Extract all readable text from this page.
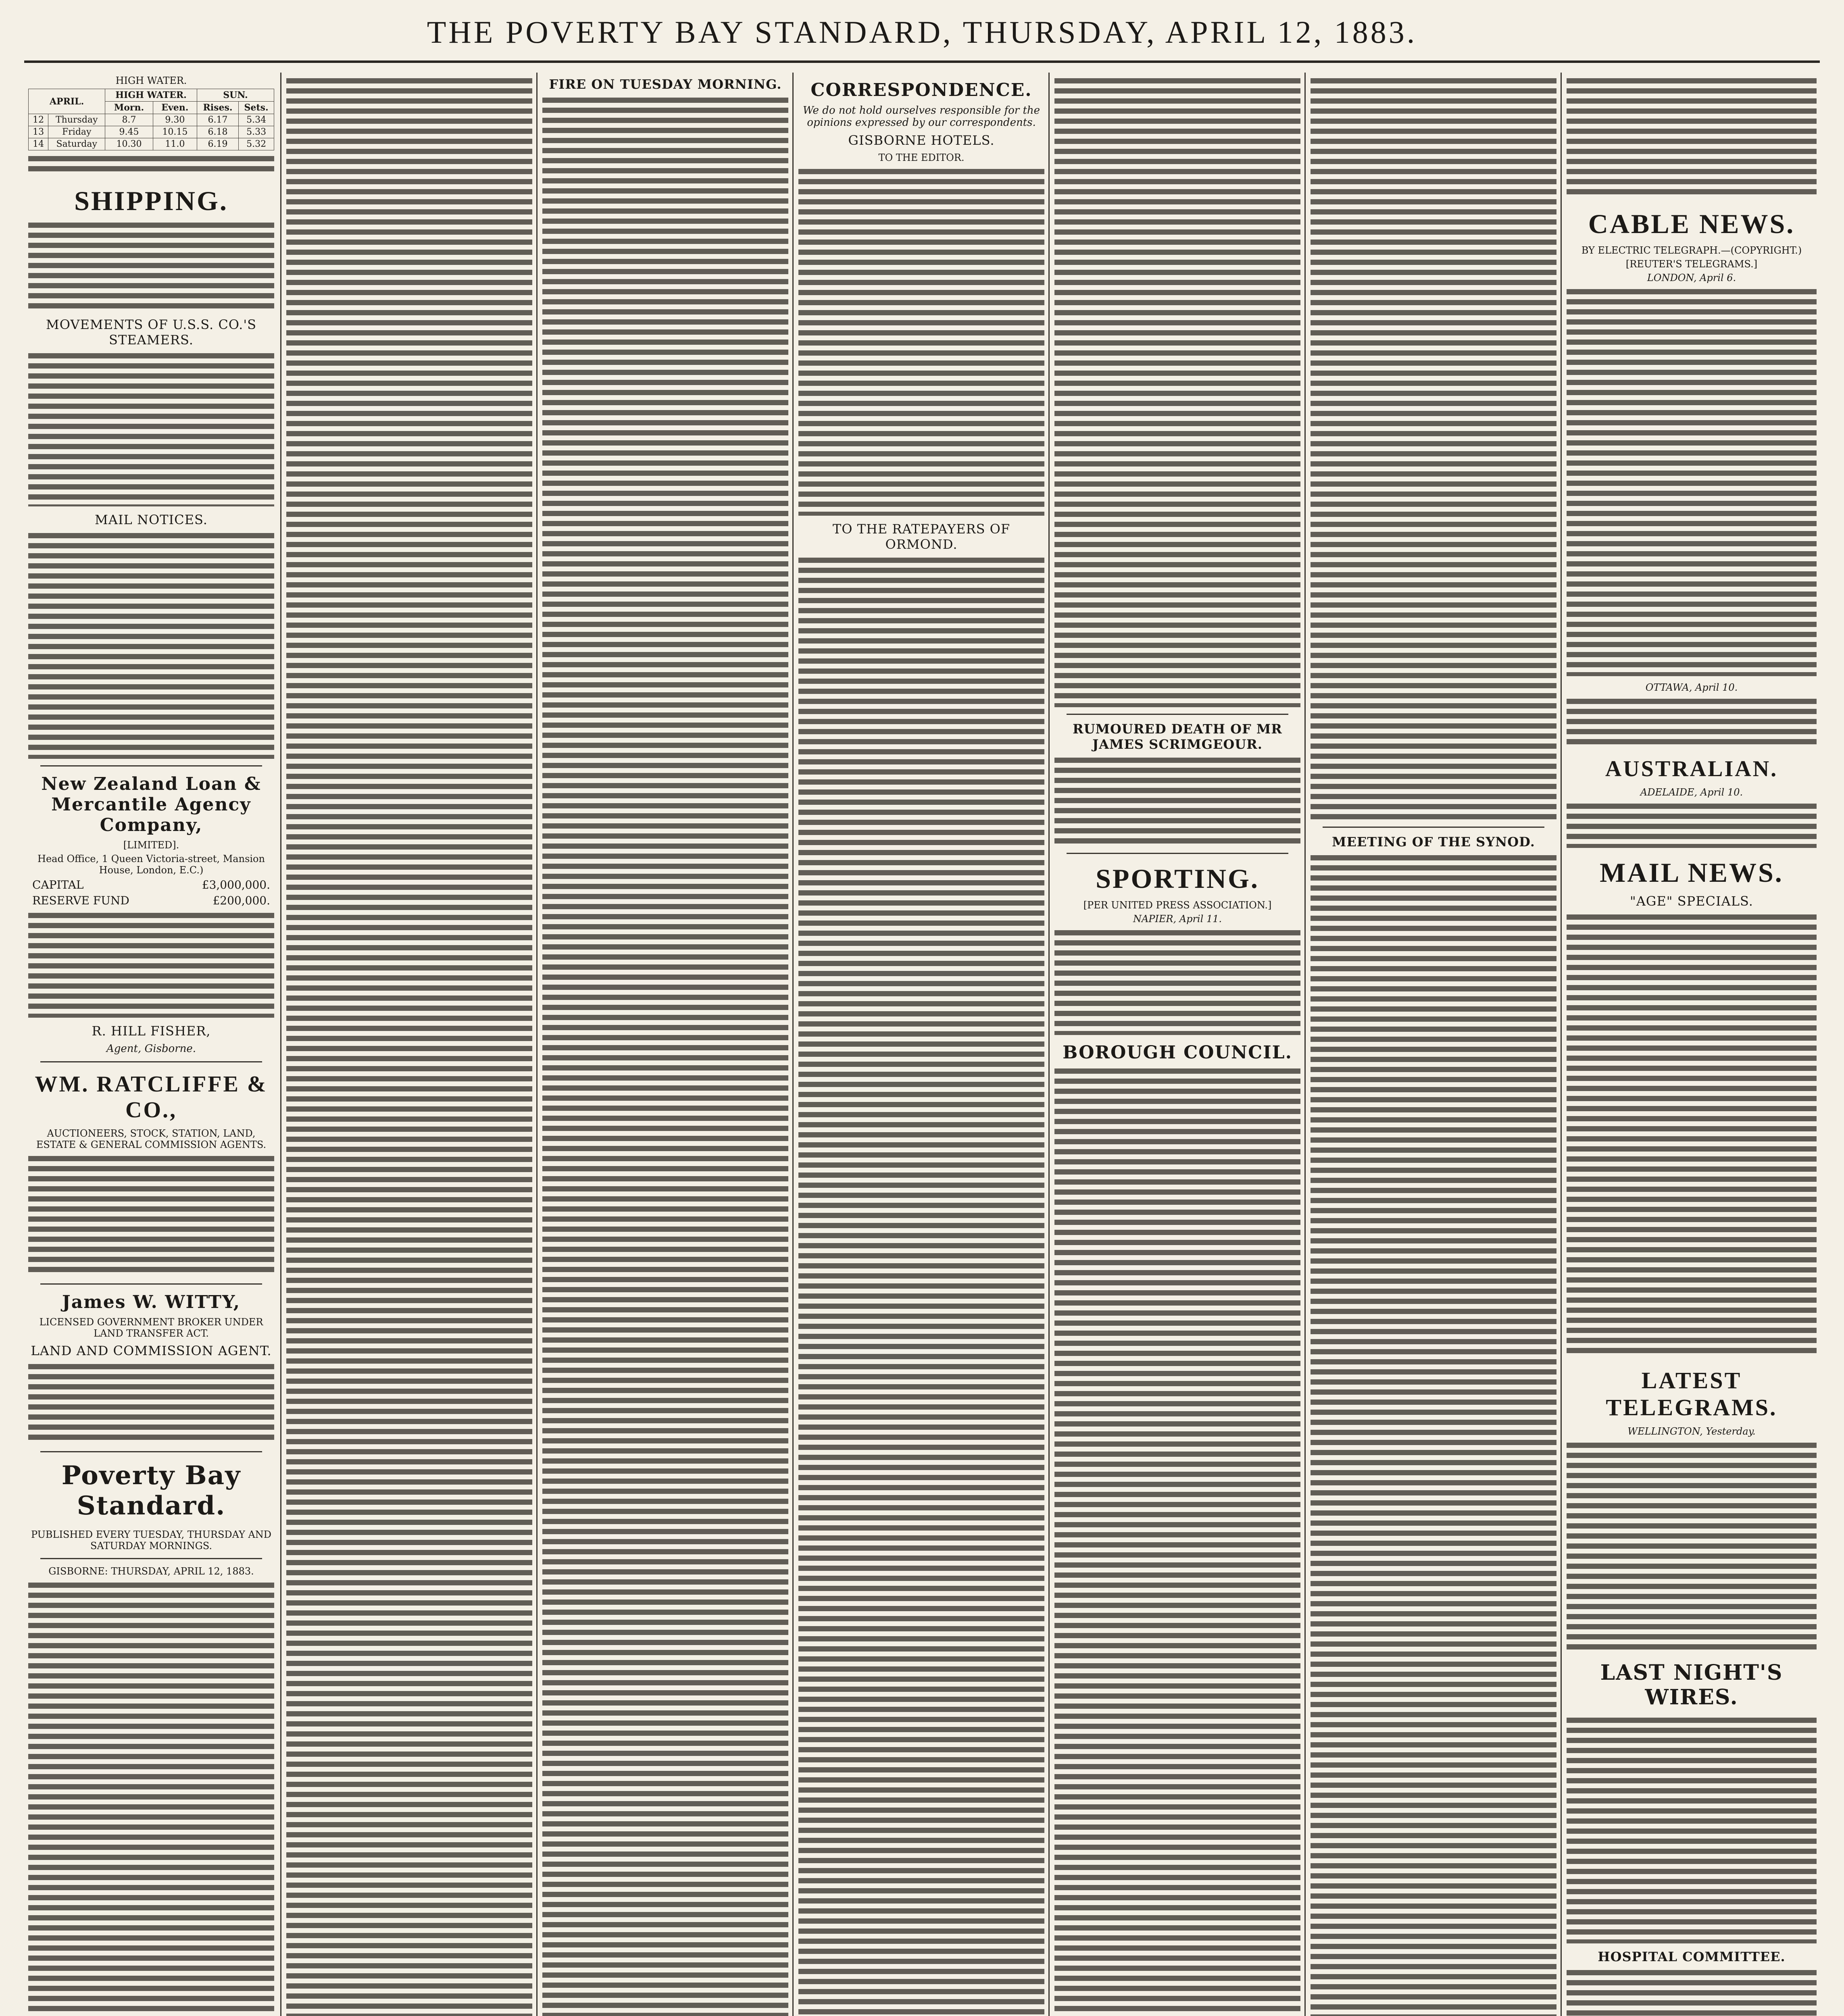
THE POVERTY BAY STANDARD, THURSDAY, APRIL 12, 1883.
HIGH WATER.
APRIL.		HIGH WATER.		SUN.	
		Morn.	Even.	Rises.	Sets.
12	Thursday	8.7	9.30	6.17	5.34
13	Friday	9.45	10.15	6.18	5.33
14	Saturday	10.30	11.0	6.19	5.32
SHIPPING.
MOVEMENTS OF U.S.S. CO.'S STEAMERS.
MAIL NOTICES.
New Zealand Loan & Mercantile Agency Company,
[LIMITED].
Head Office, 1 Queen Victoria-street, Mansion House, London, E.C.)
CAPITAL	£3,000,000.
RESERVE FUND	£200,000.
R. HILL FISHER,
Agent, Gisborne.
WM. RATCLIFFE & CO.,
AUCTIONEERS, STOCK, STATION, LAND, ESTATE & GENERAL COMMISSION AGENTS.
James W. WITTY,
LICENSED GOVERNMENT BROKER UNDER LAND TRANSFER ACT.
LAND AND COMMISSION AGENT.
Poverty Bay Standard.
PUBLISHED EVERY TUESDAY, THURSDAY AND SATURDAY MORNINGS.
GISBORNE: THURSDAY, APRIL 12, 1883.
FIRE ON TUESDAY MORNING.	CORRESPONDENCE.
We do not hold ourselves responsible for the opinions expressed by our correspondents.
GISBORNE HOTELS.
TO THE EDITOR.
TO THE RATEPAYERS OF ORMOND.
RUMOURED DEATH OF MR JAMES SCRIMGEOUR.
SPORTING.
[PER UNITED PRESS ASSOCIATION.]
NAPIER, April 11.
BOROUGH COUNCIL.
MEETING OF THE SYNOD.
CABLE NEWS.
BY ELECTRIC TELEGRAPH.—(COPYRIGHT.)
[REUTER'S TELEGRAMS.]
LONDON, April 6.
OTTAWA, April 10.
AUSTRALIAN.
ADELAIDE, April 10.
MAIL NEWS.
"AGE" SPECIALS.
LATEST TELEGRAMS.
WELLINGTON, Yesterday.
LAST NIGHT'S WIRES.
HOSPITAL COMMITTEE.
